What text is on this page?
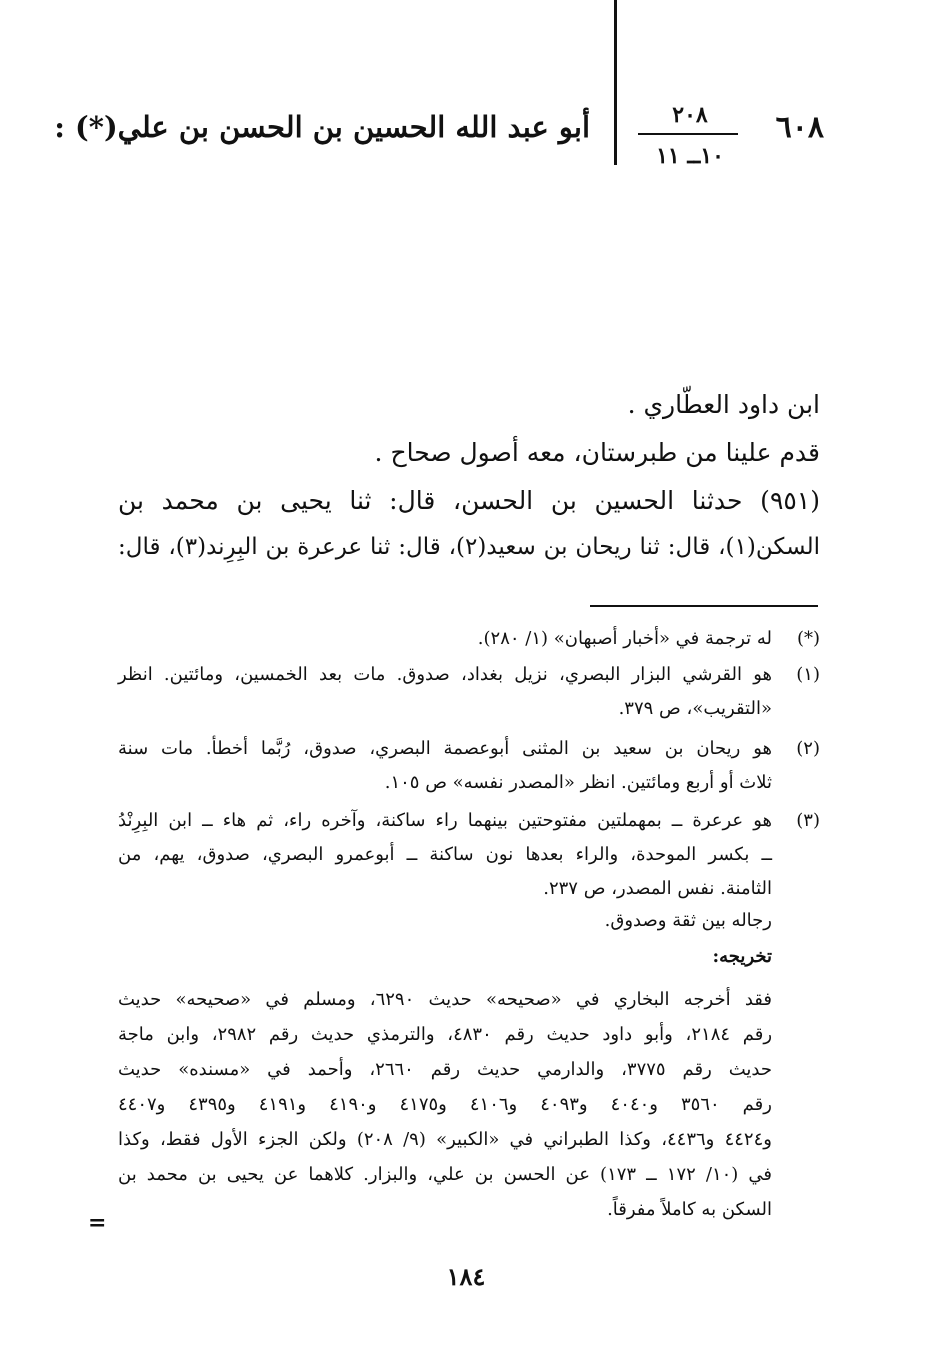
٦٠٨
٢٠٨
١٠ــ ١١
أبو عبد الله الحسين بن الحسن بن علي(*) :
ابن داود العطّاري .
قدم علينا من طبرستان، معه أصول صحاح .
(٩٥١) حدثنا الحسين بن الحسن، قال: ثنا يحيى بن محمد بن
السكن(١)، قال: ثنا ريحان بن سعيد(٢)، قال: ثنا عرعرة بن البِرِند(٣)، قال:
(*)
له ترجمة في «أخبار أصبهان» (١/ ٢٨٠).
(١)
هو القرشي البزار البصري، نزيل بغداد، صدوق. مات بعد الخمسين، ومائتين. انظر
«التقريب»، ص ٣٧٩.
(٢)
هو ريحان بن سعيد بن المثنى أبوعصمة البصري، صدوق، رُبَّما أخطأ. مات سنة
ثلاث أو أربع ومائتين. انظر «المصدر نفسه» ص ١٠٥.
(٣)
هو عرعرة ــ بمهملتين مفتوحتين بينهما راء ساكنة، وآخره راء، ثم هاء ــ ابن البِرِنْدُ
ــ بكسر الموحدة، والراء بعدها نون ساكنة ــ أبوعمرو البصري، صدوق، يهم، من
الثامنة. نفس المصدر، ص ٢٣٧.
رجاله بين ثقة وصدوق.
تخريجه:
فقد أخرجه البخاري في «صحيحه» حديث ٦٢٩٠، ومسلم في «صحيحه» حديث
رقم ٢١٨٤، وأبو داود حديث رقم ٤٨٣٠، والترمذي حديث رقم ٢٩٨٢، وابن ماجة
حديث رقم ٣٧٧٥، والدارمي حديث رقم ٢٦٦٠، وأحمد في «مسنده» حديث
رقم ٣٥٦٠ و٤٠٤٠ و٤٠٩٣ و٤١٠٦ و٤١٧٥ و٤١٩٠ و٤١٩١ و٤٣٩٥ و٤٤٠٧
و٤٤٢٤ و٤٤٣٦، وكذا الطبراني في «الكبير» (٩/ ٢٠٨) ولكن الجزء الأول فقط، وكذا
في (١٠/ ١٧٢ ــ ١٧٣) عن الحسن بن علي، والبزار. كلاهما عن يحيى بن محمد بن
السكن به كاملاً مفرقاً.
=
١٨٤
